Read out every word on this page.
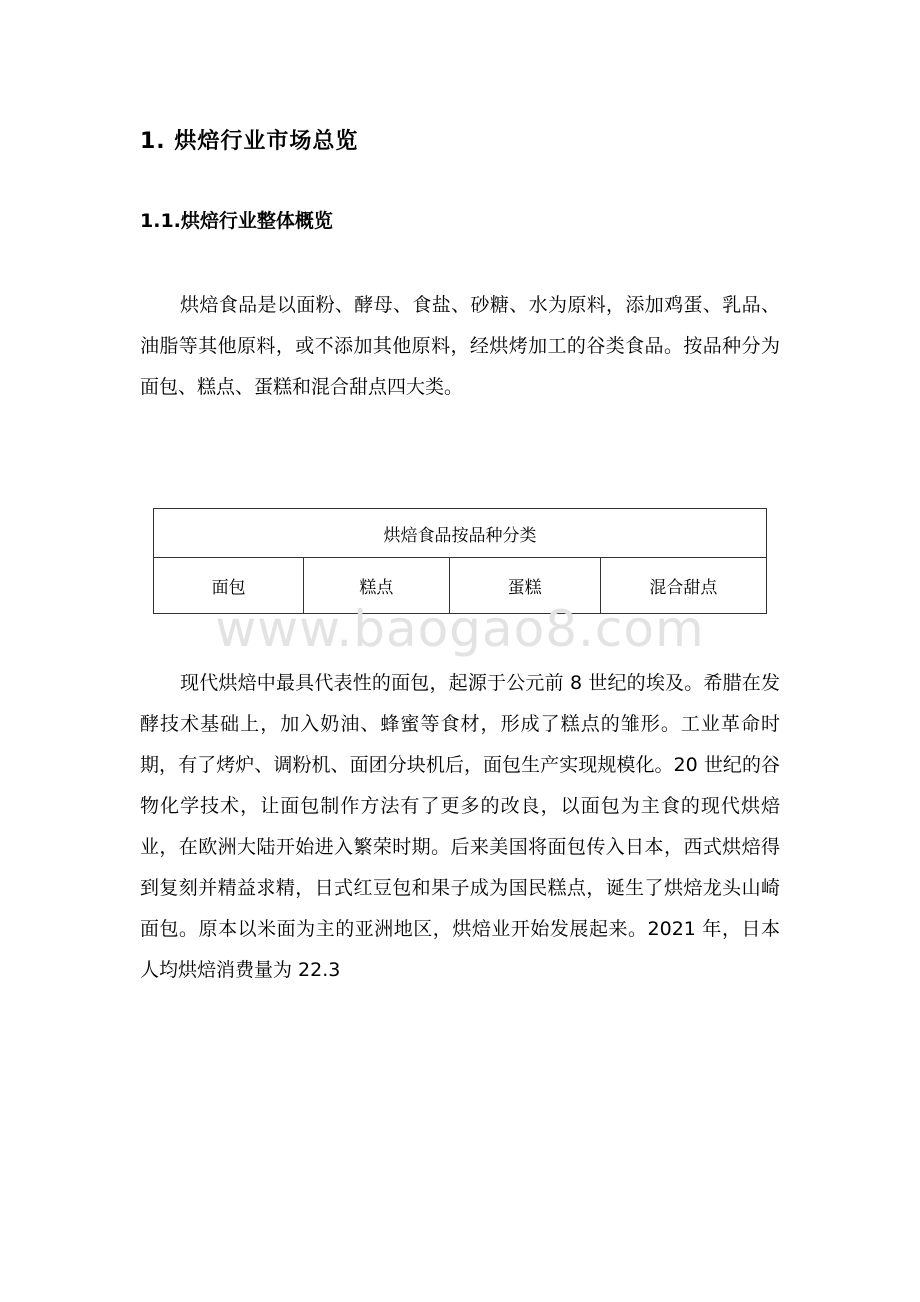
1. 烘焙行业市场总览
1.1.烘焙行业整体概览

烘焙食品是以面粉、酵母、食盐、砂糖、水为原料，添加鸡蛋、乳品、油脂等其他原料，或不添加其他原料，经烘烤加工的谷类食品。按品种分为面包、糕点、蛋糕和混合甜点四大类。

烘焙食品按品种分类
面包	糕点	蛋糕	混合甜点
www.baogao8.com

现代烘焙中最具代表性的面包，起源于公元前 8 世纪的埃及。希腊在发酵技术基础上，加入奶油、蜂蜜等食材，形成了糕点的雏形。工业革命时期，有了烤炉、调粉机、面团分块机后，面包生产实现规模化。20 世纪的谷物化学技术，让面包制作方法有了更多的改良，以面包为主食的现代烘焙业，在欧洲大陆开始进入繁荣时期。后来美国将面包传入日本，西式烘焙得到复刻并精益求精，日式红豆包和果子成为国民糕点，诞生了烘焙龙头山崎面包。原本以米面为主的亚洲地区，烘焙业开始发展起来。2021 年，日本人均烘焙消费量为 22.3
